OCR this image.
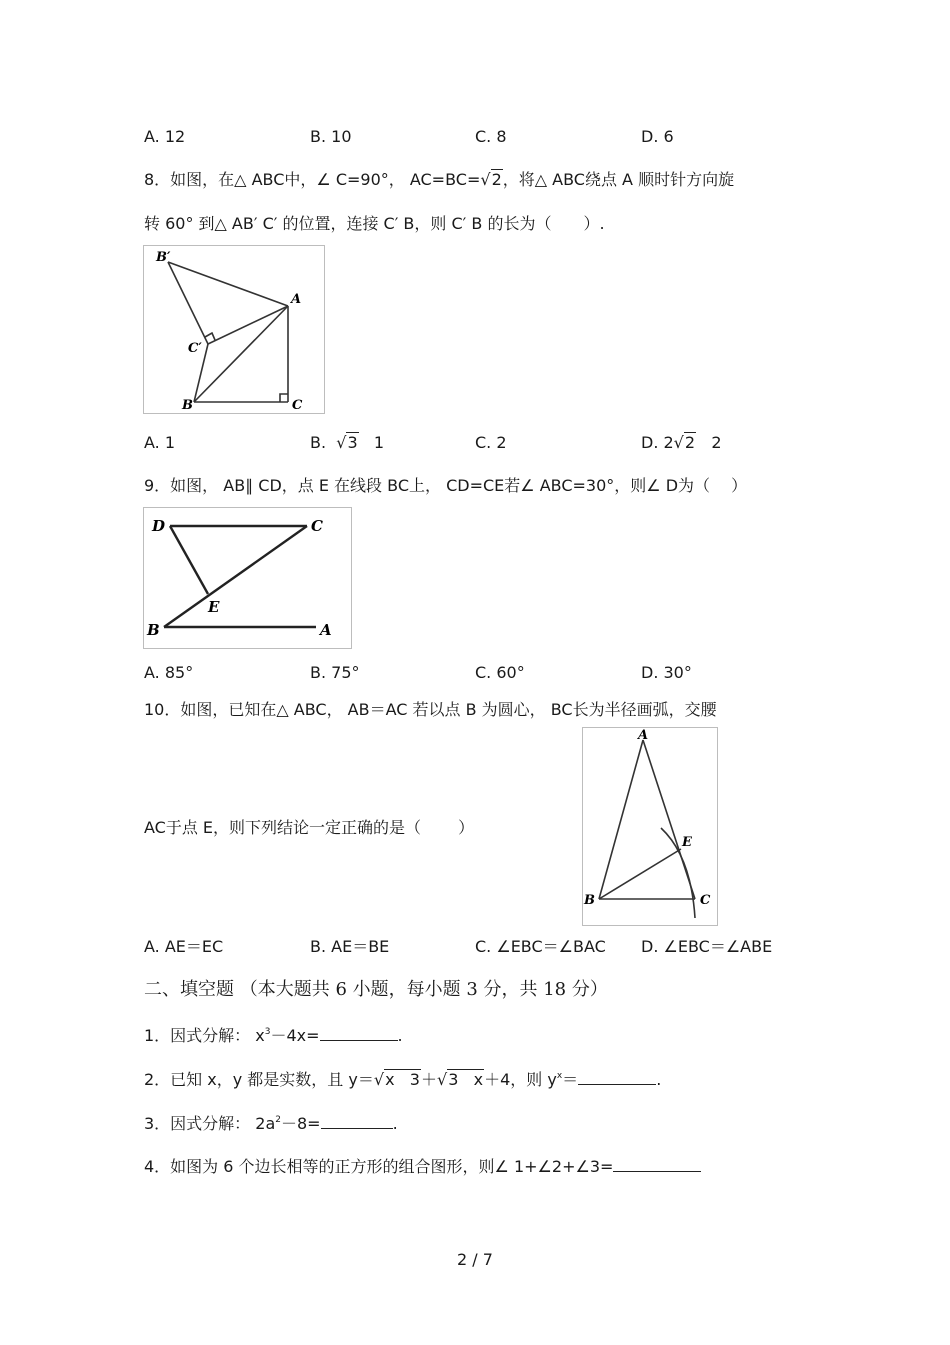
A. 12	B. 10	C. 8	D. 6
8．如图，在△ ABC中，∠ C=90°， AC=BC=√2，将△ ABC绕点 A 顺时针方向旋
转 60° 到△ AB′ C′ 的位置，连接 C′ B，则 C′ B 的长为（　　）.
B′
A
C′
B	C
A. 1	B. √3 1	C. 2	D. 2√2 2
9．如图， AB∥ CD，点 E 在线段 BC上， CD=CE若∠ ABC=30°，则∠ D为（　 ）
D	C
E
B	A
A. 85°	B. 75°	C. 60°	D. 30°
10．如图，已知在△ ABC， AB＝AC 若以点 B 为圆心， BC长为半径画弧，交腰
AC于点 E，则下列结论一定正确的是（　　 ）
A
E
B	C
A. AE＝EC	B. AE＝BE	C. ∠EBC＝∠BAC D. ∠EBC＝∠ABE
二、填空题 （本大题共 6 小题，每小题 3 分，共 18 分）
1．因式分解： $x^3-4x=$	.
2．已知 x，y 都是实数，且 y＝√x   3＋√3   x＋4，则 $y^x=$	.
3．因式分解： $2a^2-8=$	.
4．如图为 6 个边长相等的正方形的组合图形，则∠ 1+∠2+∠3=
2 / 7
